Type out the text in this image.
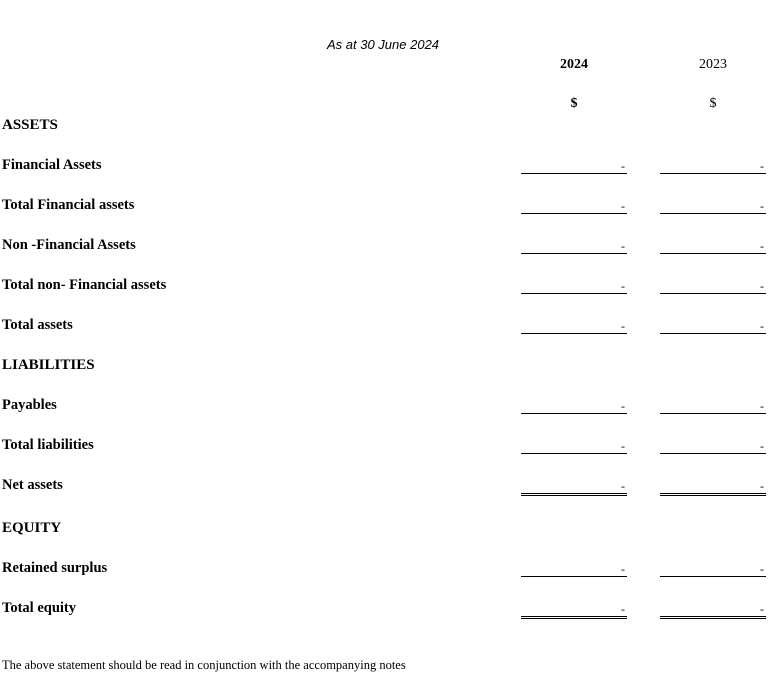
As at 30 June 2024
2024	2023
$	$
ASSETS
Financial Assets	-	-
Total Financial assets	-	-
Non -Financial Assets	-	-
Total non- Financial assets	-	-
Total assets	-	-
LIABILITIES
Payables	-	-
Total liabilities	-	-
Net assets	-	-
EQUITY
Retained surplus	-	-
Total equity	-	-
The above statement should be read in conjunction with the accompanying notes
